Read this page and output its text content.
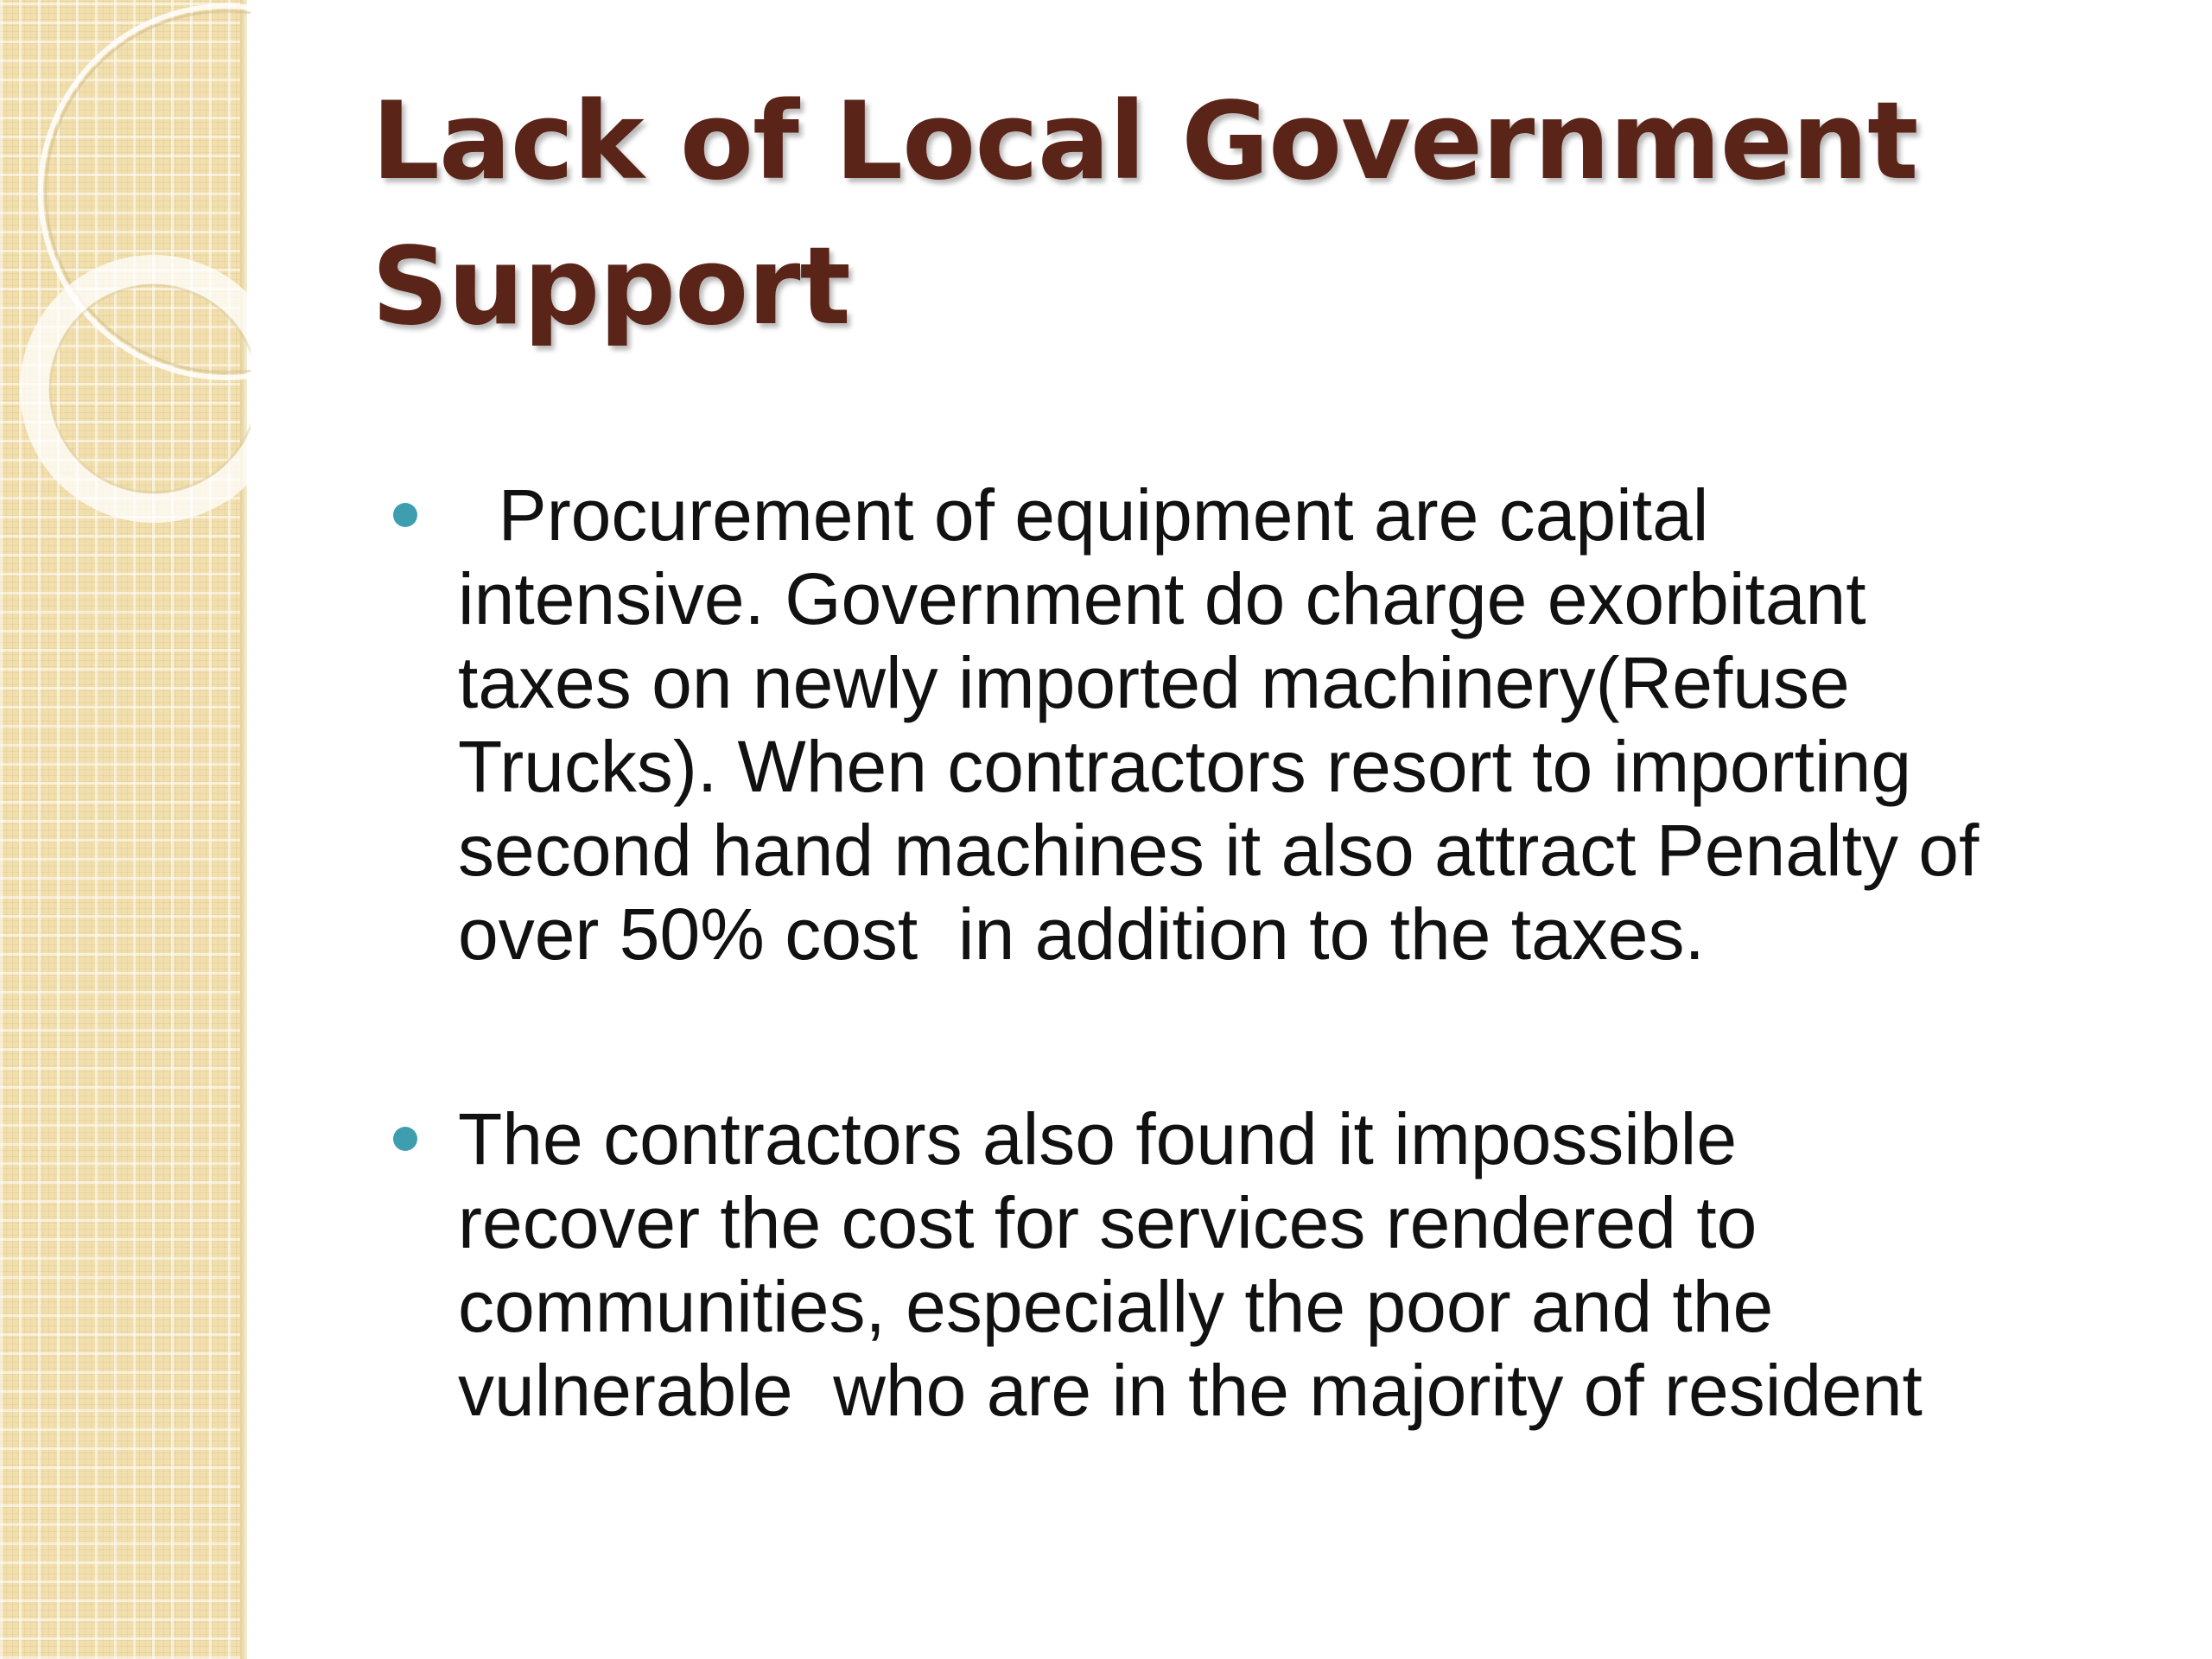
Lack of Local Government
Support
Procurement of equipment are capital
intensive. Government do charge exorbitant
taxes on newly imported machinery(Refuse
Trucks). When contractors resort to importing
second hand machines it also attract Penalty of
over 50% cost  in addition to the taxes.
The contractors also found it impossible
recover the cost for services rendered to
communities, especially the poor and the
vulnerable  who are in the majority of resident
